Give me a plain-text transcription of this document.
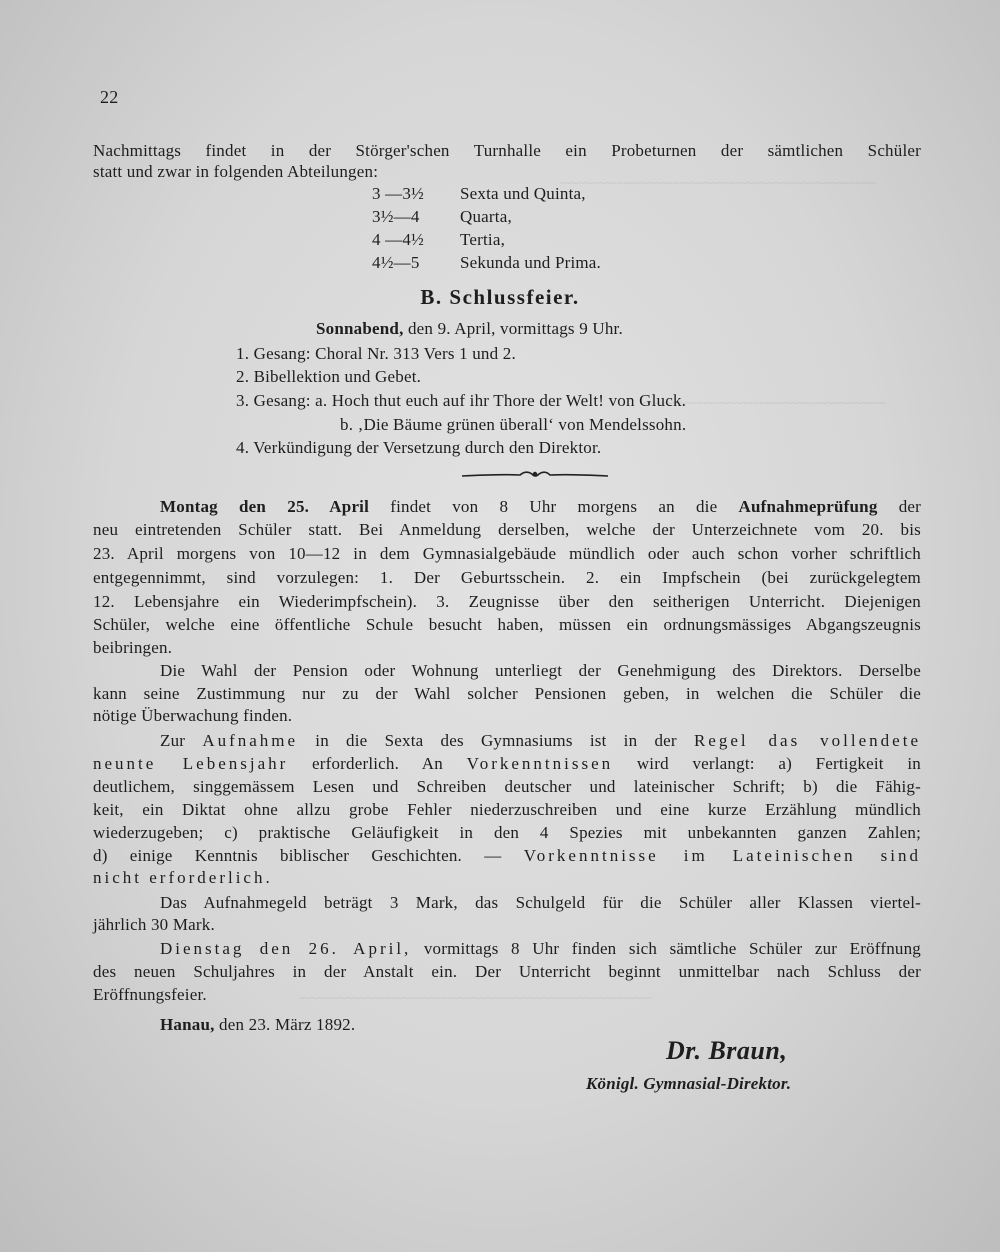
~~~~~~~~~~~~~~~~~~~~~~~~~~~~~~~~~~~~~~~~~~~~~
~~~~~~~~~~~~~~~~~~~~~~~~~~~~~~~~~~~
~~~~~~~~~~~~~~~~~~~~~~~~~~~~~~~~~~~~~~~~~~~~~~~~~~
22
Nachmittags findet in der Störger'schen Turnhalle ein Probeturnen der sämtlichen Schüler
statt und zwar in folgenden Abteilungen:
3 —3½ Sexta und Quinta,
3½—4 Quarta,
4 —4½ Tertia,
4½—5 Sekunda und Prima.
B. Schlussfeier.
Sonnabend, den 9. April, vormittags 9 Uhr.
1. Gesang: Choral Nr. 313 Vers 1 und 2.
2. Bibellektion und Gebet.
3. Gesang: a. Hoch thut euch auf ihr Thore der Welt! von Gluck.
b. ‚Die Bäume grünen überall‘ von Mendelssohn.
4. Verkündigung der Versetzung durch den Direktor.
Montag den 25. April findet von 8 Uhr morgens an die Aufnahmeprüfung der
neu eintretenden Schüler statt. Bei Anmeldung derselben, welche der Unterzeichnete vom 20. bis
23. April morgens von 10—12 in dem Gymnasialgebäude mündlich oder auch schon vorher schriftlich
entgegennimmt, sind vorzulegen: 1. Der Geburtsschein. 2. ein Impfschein (bei zurückgelegtem
12. Lebensjahre ein Wiederimpfschein). 3. Zeugnisse über den seitherigen Unterricht. Diejenigen
Schüler, welche eine öffentliche Schule besucht haben, müssen ein ordnungsmässiges Abgangszeugnis
beibringen.
Die Wahl der Pension oder Wohnung unterliegt der Genehmigung des Direktors. Derselbe
kann seine Zustimmung nur zu der Wahl solcher Pensionen geben, in welchen die Schüler die
nötige Überwachung finden.
Zur Aufnahme in die Sexta des Gymnasiums ist in der Regel das vollendete
neunte Lebensjahr erforderlich. An Vorkenntnissen wird verlangt: a) Fertigkeit in
deutlichem, singgemässem Lesen und Schreiben deutscher und lateinischer Schrift; b) die Fähig-
keit, ein Diktat ohne allzu grobe Fehler niederzuschreiben und eine kurze Erzählung mündlich
wiederzugeben; c) praktische Geläufigkeit in den 4 Spezies mit unbekannten ganzen Zahlen;
d) einige Kenntnis biblischer Geschichten. — Vorkenntnisse im Lateinischen sind
nicht erforderlich.
Das Aufnahmegeld beträgt 3 Mark, das Schulgeld für die Schüler aller Klassen viertel-
jährlich 30 Mark.
Dienstag den 26. April, vormittags 8 Uhr finden sich sämtliche Schüler zur Eröffnung
des neuen Schuljahres in der Anstalt ein. Der Unterricht beginnt unmittelbar nach Schluss der
Eröffnungsfeier.
Hanau, den 23. März 1892.
Dr. Braun,
Königl. Gymnasial-Direktor.
